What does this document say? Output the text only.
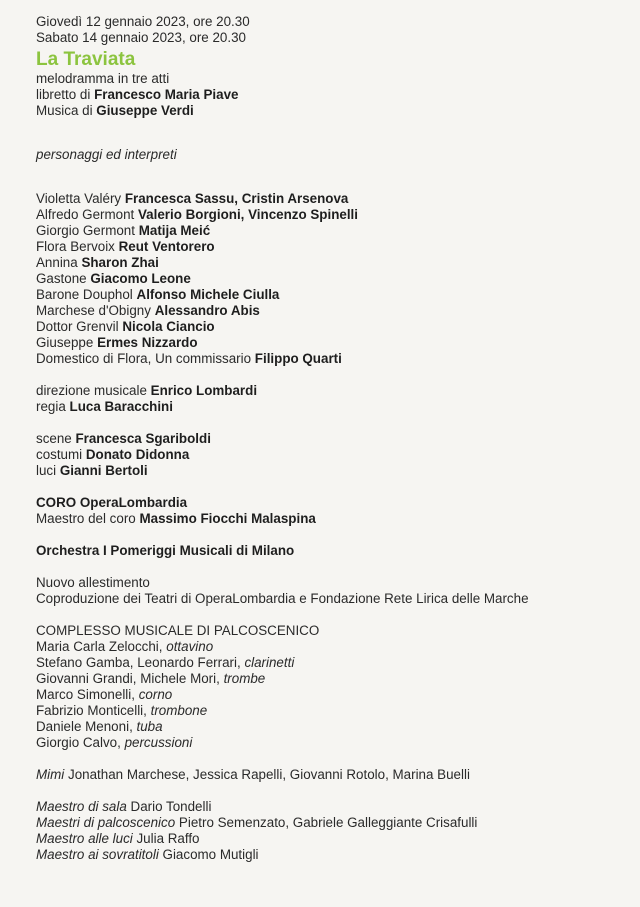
Giovedì 12 gennaio 2023, ore 20.30
Sabato 14 gennaio 2023, ore 20.30
La Traviata
melodramma in tre atti
libretto di Francesco Maria Piave
Musica di Giuseppe Verdi
personaggi ed interpreti
Violetta Valéry Francesca Sassu, Cristin Arsenova
Alfredo Germont Valerio Borgioni, Vincenzo Spinelli
Giorgio Germont Matija Meić
Flora Bervoix Reut Ventorero
Annina Sharon Zhai
Gastone Giacomo Leone
Barone Douphol Alfonso Michele Ciulla
Marchese d'Obigny Alessandro Abis
Dottor Grenvil Nicola Ciancio
Giuseppe Ermes Nizzardo
Domestico di Flora, Un commissario Filippo Quarti
direzione musicale Enrico Lombardi
regia Luca Baracchini
scene Francesca Sgariboldi
costumi Donato Didonna
luci Gianni Bertoli
CORO OperaLombardia
Maestro del coro Massimo Fiocchi Malaspina
Orchestra I Pomeriggi Musicali di Milano
Nuovo allestimento
Coproduzione dei Teatri di OperaLombardia e Fondazione Rete Lirica delle Marche
COMPLESSO MUSICALE DI PALCOSCENICO
Maria Carla Zelocchi, ottavino
Stefano Gamba, Leonardo Ferrari, clarinetti
Giovanni Grandi, Michele Mori, trombe
Marco Simonelli, corno
Fabrizio Monticelli, trombone
Daniele Menoni, tuba
Giorgio Calvo, percussioni
Mimi Jonathan Marchese, Jessica Rapelli, Giovanni Rotolo, Marina Buelli
Maestro di sala Dario Tondelli
Maestri di palcoscenico Pietro Semenzato, Gabriele Galleggiante Crisafulli
Maestro alle luci Julia Raffo
Maestro ai sovratitoli Giacomo Mutigli
